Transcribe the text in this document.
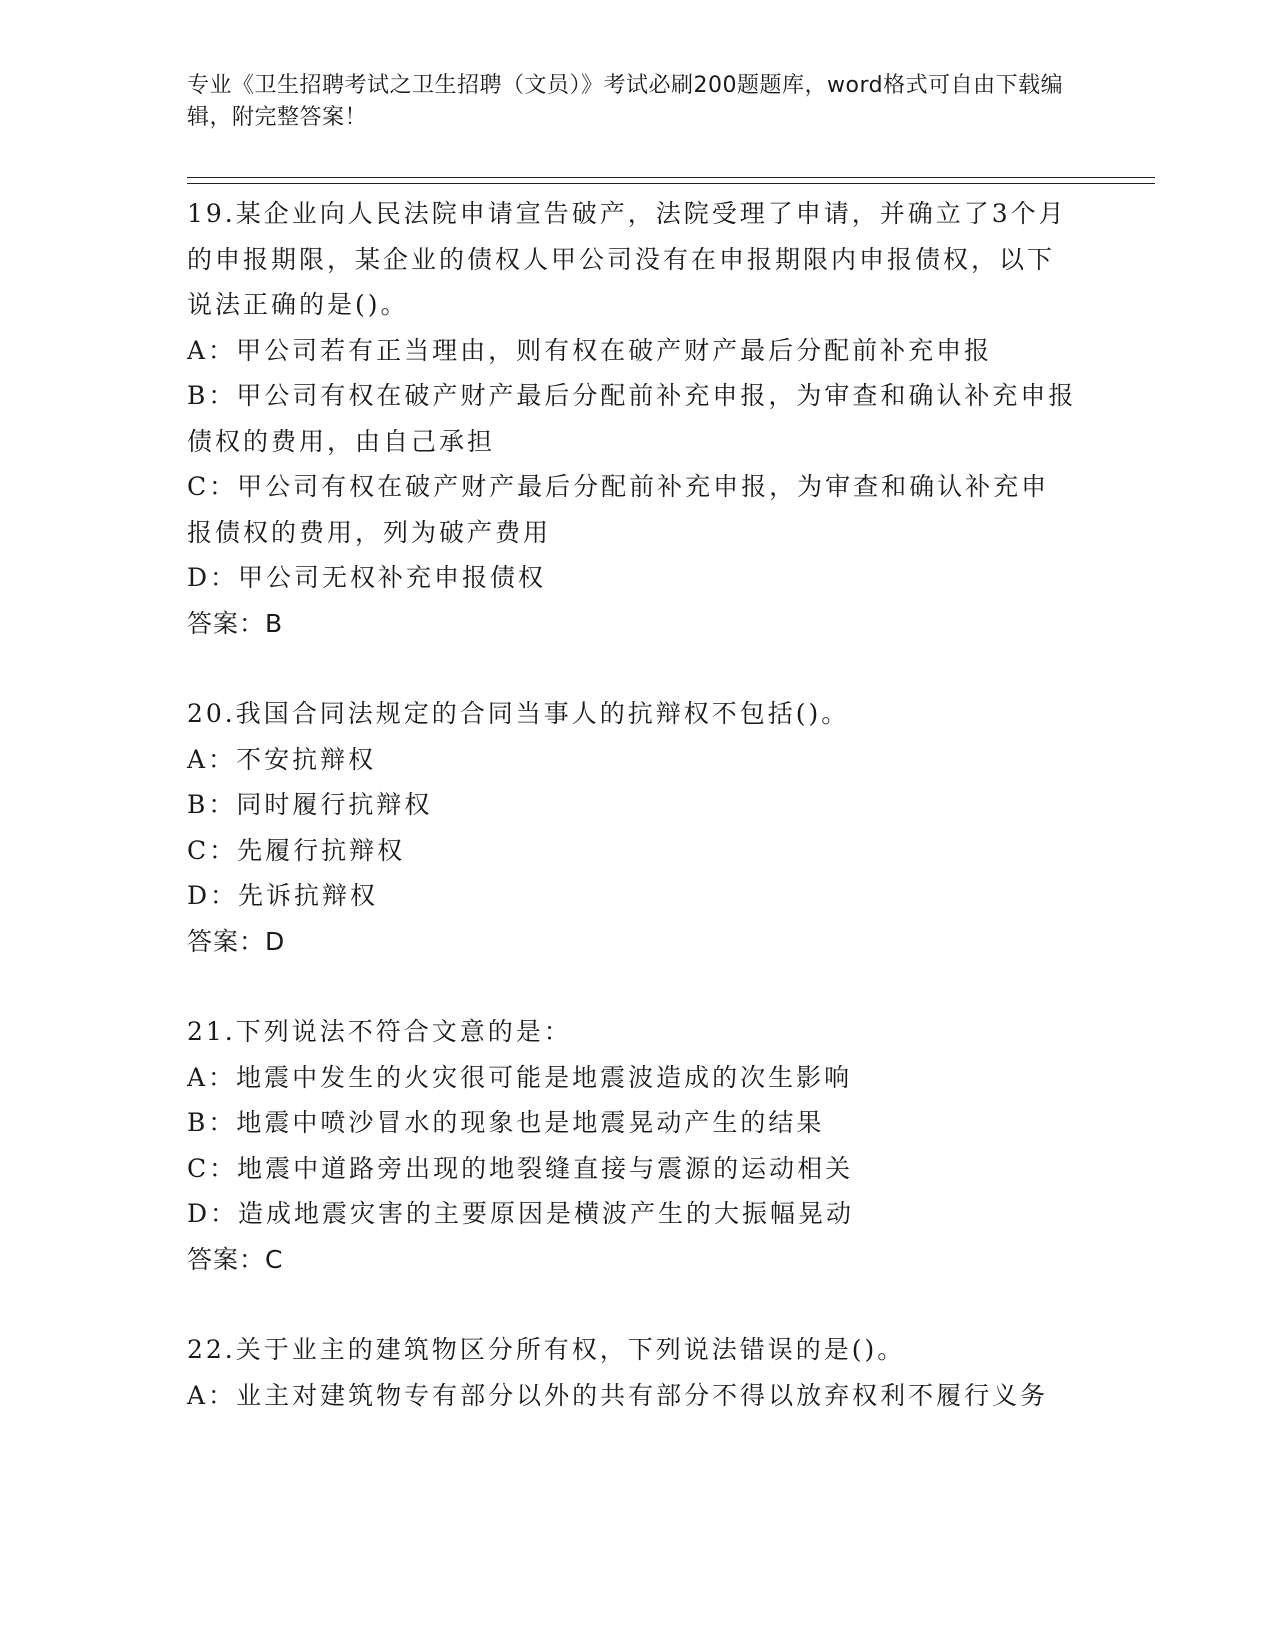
专业《卫生招聘考试之卫生招聘（文员）》考试必刷200题题库，word格式可自由下载编辑，附完整答案！

19.某企业向人民法院申请宣告破产，法院受理了申请，并确立了3个月的申报期限，某企业的债权人甲公司没有在申报期限内申报债权，以下说法正确的是()。

A：甲公司若有正当理由，则有权在破产财产最后分配前补充申报

B：甲公司有权在破产财产最后分配前补充申报，为审查和确认补充申报债权的费用，由自己承担

C：甲公司有权在破产财产最后分配前补充申报，为审查和确认补充申报债权的费用，列为破产费用

D：甲公司无权补充申报债权

答案：B

20.我国合同法规定的合同当事人的抗辩权不包括()。

A：不安抗辩权

B：同时履行抗辩权

C：先履行抗辩权

D：先诉抗辩权

答案：D

21.下列说法不符合文意的是：

A：地震中发生的火灾很可能是地震波造成的次生影响

B：地震中喷沙冒水的现象也是地震晃动产生的结果

C：地震中道路旁出现的地裂缝直接与震源的运动相关

D：造成地震灾害的主要原因是横波产生的大振幅晃动

答案：C

22.关于业主的建筑物区分所有权，下列说法错误的是()。

A：业主对建筑物专有部分以外的共有部分不得以放弃权利不履行义务
